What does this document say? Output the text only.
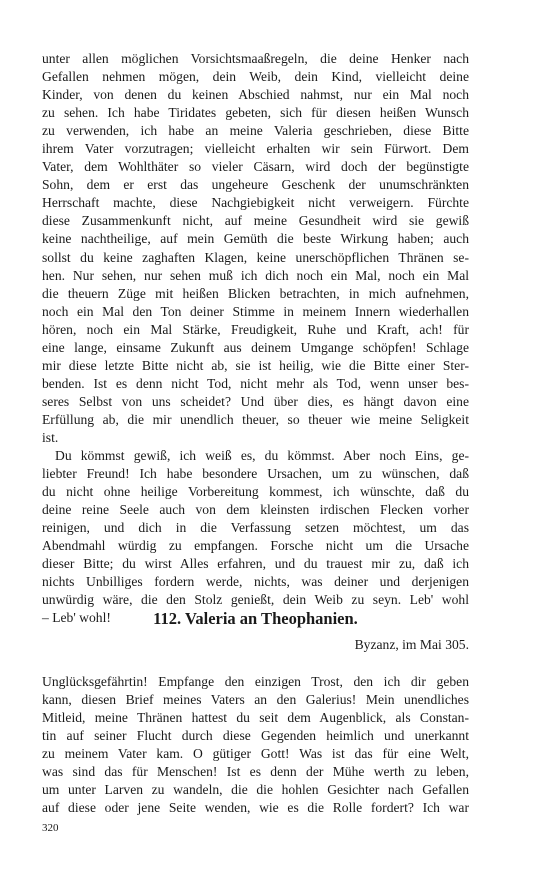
unter allen möglichen Vorsichtsmaaßregeln, die deine Henker nach
Gefallen nehmen mögen, dein Weib, dein Kind, vielleicht deine
Kinder, von denen du keinen Abschied nahmst, nur ein Mal noch
zu sehen. Ich habe Tiridates gebeten, sich für diesen heißen Wunsch
zu verwenden, ich habe an meine Valeria geschrieben, diese Bitte
ihrem Vater vorzutragen; vielleicht erhalten wir sein Fürwort. Dem
Vater, dem Wohlthäter so vieler Cäsarn, wird doch der begünstigte
Sohn, dem er erst das ungeheure Geschenk der unumschränkten
Herrschaft machte, diese Nachgiebigkeit nicht verweigern. Fürchte
diese Zusammenkunft nicht, auf meine Gesundheit wird sie gewiß
keine nachtheilige, auf mein Gemüth die beste Wirkung haben; auch
sollst du keine zaghaften Klagen, keine unerschöpflichen Thränen se-
hen. Nur sehen, nur sehen muß ich dich noch ein Mal, noch ein Mal
die theuern Züge mit heißen Blicken betrachten, in mich aufnehmen,
noch ein Mal den Ton deiner Stimme in meinem Innern wiederhallen
hören, noch ein Mal Stärke, Freudigkeit, Ruhe und Kraft, ach! für
eine lange, einsame Zukunft aus deinem Umgange schöpfen! Schlage
mir diese letzte Bitte nicht ab, sie ist heilig, wie die Bitte einer Ster-
benden. Ist es denn nicht Tod, nicht mehr als Tod, wenn unser bes-
seres Selbst von uns scheidet? Und über dies, es hängt davon eine
Erfüllung ab, die mir unendlich theuer, so theuer wie meine Seligkeit
ist.
Du kömmst gewiß, ich weiß es, du kömmst. Aber noch Eins, ge-
liebter Freund! Ich habe besondere Ursachen, um zu wünschen, daß
du nicht ohne heilige Vorbereitung kommest, ich wünschte, daß du
deine reine Seele auch von dem kleinsten irdischen Flecken vorher
reinigen, und dich in die Verfassung setzen möchtest, um das
Abendmahl würdig zu empfangen. Forsche nicht um die Ursache
dieser Bitte; du wirst Alles erfahren, und du trauest mir zu, daß ich
nichts Unbilliges fordern werde, nichts, was deiner und derjenigen
unwürdig wäre, die den Stolz genießt, dein Weib zu seyn. Leb' wohl
– Leb' wohl!	112. Valeria an Theophanien.
Byzanz, im Mai 305.
Unglücksgefährtin! Empfange den einzigen Trost, den ich dir geben
kann, diesen Brief meines Vaters an den Galerius! Mein unendliches
Mitleid, meine Thränen hattest du seit dem Augenblick, als Constan-
tin auf seiner Flucht durch diese Gegenden heimlich und unerkannt
zu meinem Vater kam. O gütiger Gott! Was ist das für eine Welt,
was sind das für Menschen! Ist es denn der Mühe werth zu leben,
um unter Larven zu wandeln, die die hohlen Gesichter nach Gefallen
auf diese oder jene Seite wenden, wie es die Rolle fordert? Ich war
320
